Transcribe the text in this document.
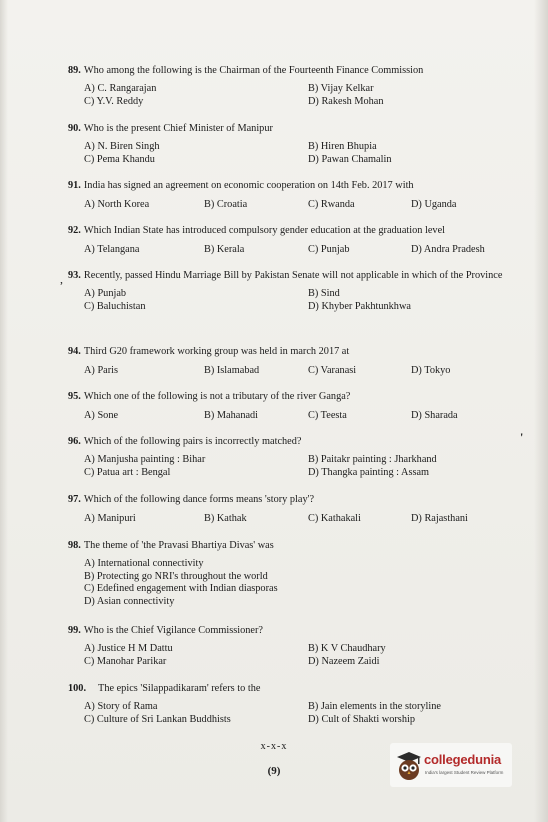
89. Who among the following is the Chairman of the Fourteenth Finance Commission

A) C. Rangarajan
C) Y.V. Reddy
B) Vijay Kelkar
D) Rakesh Mohan

90. Who is the present Chief Minister of Manipur

A) N. Biren Singh
C) Pema Khandu
B) Hiren Bhupia
D) Pawan Chamalin

91. India has signed an agreement on economic cooperation on 14th Feb. 2017 with

A) North Korea	B) Croatia	C) Rwanda	D) Uganda

92. Which Indian State has introduced compulsory gender education at the graduation level

A) Telangana	B) Kerala	C) Punjab	D) Andra Pradesh
, 93. Recently, passed Hindu Marriage Bill by Pakistan Senate will not applicable in which of the Province

A) Punjab
C) Baluchistan
B) Sind
D) Khyber Pakhtunkhwa

94. Third G20 framework working group was held in march 2017 at

A) Paris	B) Islamabad	C) Varanasi	D) Tokyo

95. Which one of the following is not a tributary of the river Ganga?

A) Sone	B) Mahanadi	C) Teesta	D) Sharada

96. Which of the following pairs is incorrectly matched?

A) Manjusha painting : Bihar
C) Patua art : Bengal
B) Paitakr painting : Jharkhand
D) Thangka painting : Assam
'

97. Which of the following dance forms means 'story play'?

A) Manipuri	B) Kathak	C) Kathakali	D) Rajasthani

98. The theme of 'the Pravasi Bhartiya Divas' was

A) International connectivity
B) Protecting go NRI's throughout the world
C) Edefined engagement with Indian diasporas
D) Asian connectivity

99. Who is the Chief Vigilance Commissioner?

A) Justice H M Dattu
C) Manohar Parikar
B) K V Chaudhary
D) Nazeem Zaidi

100. The epics 'Silappadikaram' refers to the

A) Story of Rama
C) Culture of Sri Lankan Buddhists
B) Jain elements in the storyline
D) Cult of Shakti worship
x-x-x
(9)
collegedunia
India's largest Student Review Platform
